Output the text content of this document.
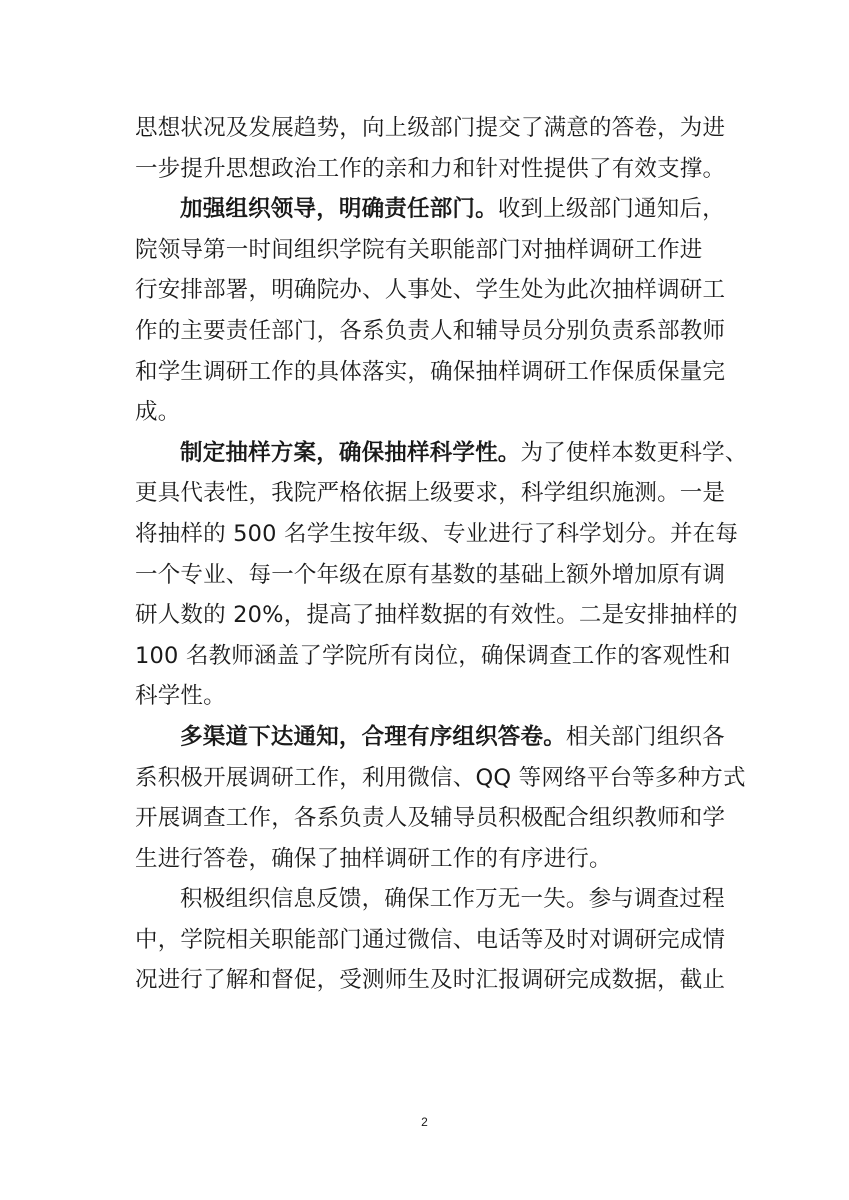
思想状况及发展趋势，向上级部门提交了满意的答卷，为进
一步提升思想政治工作的亲和力和针对性提供了有效支撑。
加强组织领导，明确责任部门。收到上级部门通知后，
院领导第一时间组织学院有关职能部门对抽样调研工作进
行安排部署，明确院办、人事处、学生处为此次抽样调研工
作的主要责任部门，各系负责人和辅导员分别负责系部教师
和学生调研工作的具体落实，确保抽样调研工作保质保量完
成。
制定抽样方案，确保抽样科学性。为了使样本数更科学、
更具代表性，我院严格依据上级要求，科学组织施测。一是
将抽样的 500 名学生按年级、专业进行了科学划分。并在每
一个专业、每一个年级在原有基数的基础上额外增加原有调
研人数的 20%，提高了抽样数据的有效性。二是安排抽样的
100 名教师涵盖了学院所有岗位，确保调查工作的客观性和
科学性。
多渠道下达通知，合理有序组织答卷。相关部门组织各
系积极开展调研工作，利用微信、QQ 等网络平台等多种方式
开展调查工作，各系负责人及辅导员积极配合组织教师和学
生进行答卷，确保了抽样调研工作的有序进行。
积极组织信息反馈，确保工作万无一失。参与调查过程
中，学院相关职能部门通过微信、电话等及时对调研完成情
况进行了解和督促，受测师生及时汇报调研完成数据，截止
2
